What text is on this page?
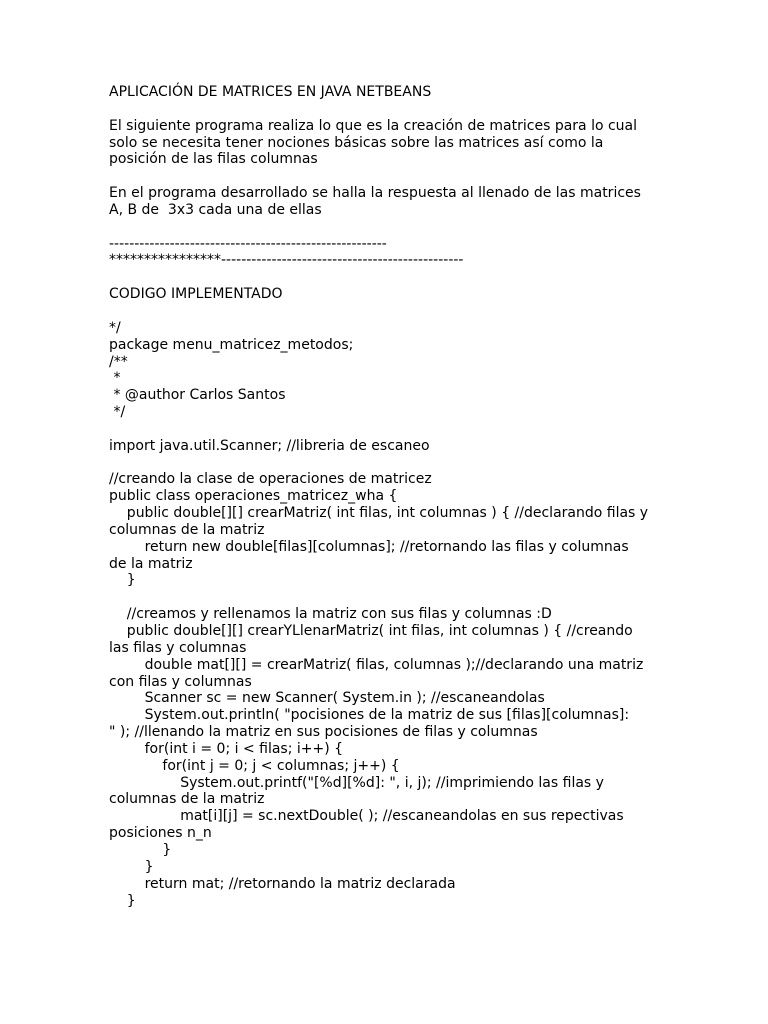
APLICACIÓN DE MATRICES EN JAVA NETBEANS

El siguiente programa realiza lo que es la creación de matrices para lo cual

solo se necesita tener nociones básicas sobre las matrices así como la

posición de las filas columnas

En el programa desarrollado se halla la respuesta al llenado de las matrices

A, B de  3x3 cada una de ellas

-------------------------------------------------------

****************------------------------------------------------

CODIGO IMPLEMENTADO

*/

package menu_matricez_metodos;

/**

*

* @author Carlos Santos

*/

import java.util.Scanner; //libreria de escaneo

//creando la clase de operaciones de matricez

public class operaciones_matricez_wha {

public double[][] crearMatriz( int filas, int columnas ) { //declarando filas y

columnas de la matriz

return new double[filas][columnas]; //retornando las filas y columnas

de la matriz

}

//creamos y rellenamos la matriz con sus filas y columnas :D

public double[][] crearYLlenarMatriz( int filas, int columnas ) { //creando

las filas y columnas

double mat[][] = crearMatriz( filas, columnas );//declarando una matriz

con filas y columnas

Scanner sc = new Scanner( System.in ); //escaneandolas

System.out.println( "pocisiones de la matriz de sus [filas][columnas]:

" ); //llenando la matriz en sus pocisiones de filas y columnas

for(int i = 0; i < filas; i++) {

for(int j = 0; j < columnas; j++) {

System.out.printf("[%d][%d]: ", i, j); //imprimiendo las filas y

columnas de la matriz

mat[i][j] = sc.nextDouble( ); //escaneandolas en sus repectivas

posiciones n_n

}

}

return mat; //retornando la matriz declarada

}
